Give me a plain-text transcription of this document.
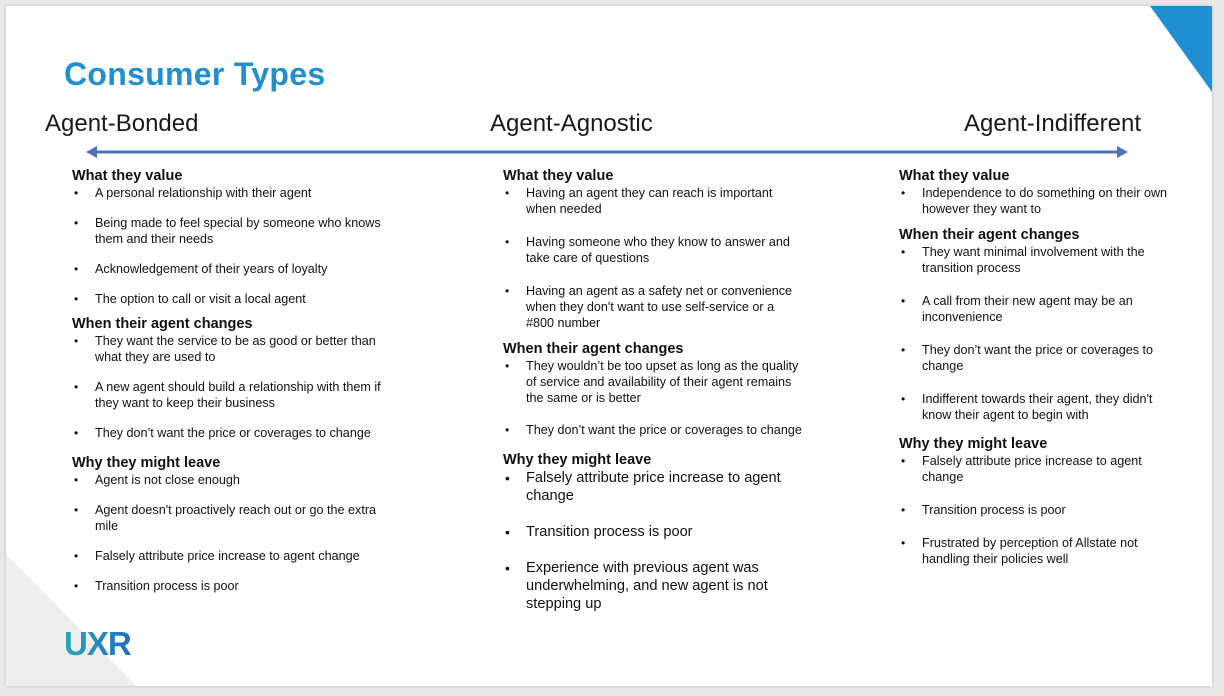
Consumer Types
Agent-Bonded	Agent-Agnostic	Agent-Indifferent
What they value
• A personal relationship with their agent
• Being made to feel special by someone who knows them and their needs
• Acknowledgement of their years of loyalty
• The option to call or visit a local agent
When their agent changes
• They want the service to be as good or better than what they are used to
• A new agent should build a relationship with them if they want to keep their business
• They don’t want the price or coverages to change
Why they might leave
• Agent is not close enough
• Agent doesn't proactively reach out or go the extra mile
• Falsely attribute price increase to agent change
• Transition process is poor
What they value
• Having an agent they can reach is important when needed
• Having someone who they know to answer and take care of questions
• Having an agent as a safety net or convenience when they don't want to use self-service or a #800 number
When their agent changes
• They wouldn’t be too upset as long as the quality of service and availability of their agent remains the same or is better
• They don’t want the price or coverages to change
Why they might leave
• Falsely attribute price increase to agent change
• Transition process is poor
• Experience with previous agent was underwhelming, and new agent is not stepping up
What they value
• Independence to do something on their own however they want to
When their agent changes
• They want minimal involvement with the transition process
• A call from their new agent may be an inconvenience
• They don’t want the price or coverages to change
• Indifferent towards their agent, they didn't know their agent to begin with
Why they might leave
• Falsely attribute price increase to agent change
• Transition process is poor
• Frustrated by perception of Allstate not handling their policies well
UXR
